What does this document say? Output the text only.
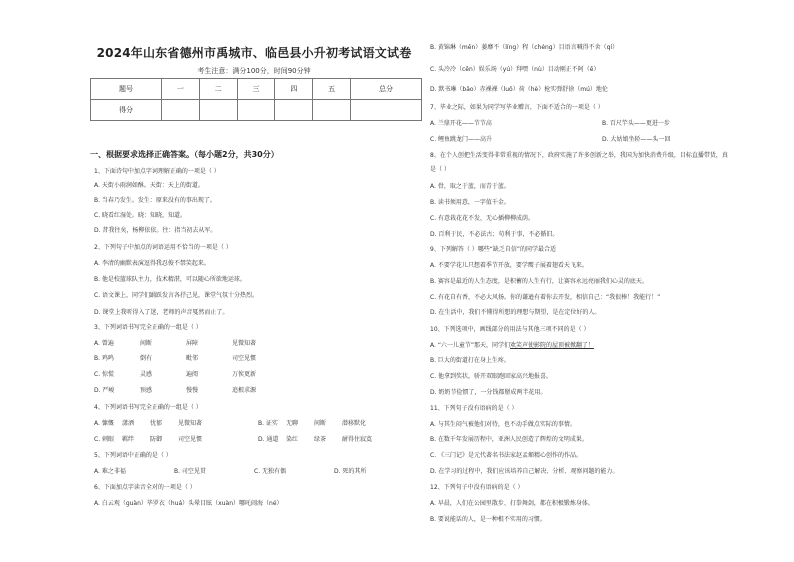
2024年山东省德州市禹城市、临邑县小升初考试语文试卷
考生注意：满分100分，时间90分钟
题号	一	二	三	四	五	总分
得分						
一、根据要求选择正确答案。（每小题2分，共30分）
1、下面诗句中加点字词理解正确的一项是（ ）
A. 天街小雨润如酥。天街：天上的街道。
B. 当春乃发生。发生：原来没有的事出现了。
C. 晓看红湿处。晓：知晓，知道。
D. 昔我往矣，杨柳依依。往：指当初去从军。
2、下列句子中加点的词语运用不恰当的一项是（ ）
A. 李清的幽默表演逗得我忍俊不禁笑起来。
B. 他是校篮球队主力，技术精湛，可以随心所欲地运球。
C. 语文课上，同学们踊跃发言各抒己见，课堂气氛十分热烈。
D. 课堂上我听得入了迷，老师的声音戛然而止了。
3、下列词语书写完全正确的一组是（ ）
A. 曾遍	间断	屏障	见微知著
B. 鸡鸣	倒有	毗邻	司空见惯
C. 惊慌	灵感	遍阅	万俟更新
D. 严峻	预感	慢慢	追根求源
4、下列词语书写完全正确的一组是（ ）
A. 慷慨 潇洒	忧郁	见微知著	B. 证实 无聊	间断	潜移默化
C. 刺眼 羁绊	防御	司空见惯	D. 通道 染红	绿茶	耐得住寂寞
5、下列词语中正确的是（ ）
A. 难之非福	B. 司空见贯	C. 无独有偶	D. 死的其所
6、下面加点字读音全对的一项是（ ）
A. 白云观（guàn）毕罗衣（huá）头晕目眩（xuàn）哪吒闹海（né）
B. 黄锦琳（mēn）萎靡不（líng）程（chéng）目语言喊得不舍（qí）
C. 头冷冷（cēn）娱乐场（yú）拜嘿（nù）目动刚正不阿（ē）
D. 默书琳（bāo）赤裸裸（luǒ）荷（hè）枪实弹舒徐（mú）地伦
7、毕业之际，如果为同学写毕业赠言，下面不适合的一项是（ ）
A. 兰鼎开花——节节高	B. 百尺竿头——更进一步
C. 鲤鱼跳龙门——高升	D. 大姑娘坐轿——头一回
8、在个人创把生活变得非常重视的情况下，政府实施了许多创新之举，我国为加快消费升级，目标直播带货，真
是（ ）
A. 骨，取之于蓝，而青于蓝。
B. 读书须用意，一字值千金。
C. 有意栽花花不发，无心插柳柳成荫。
D. 百利于民，不必法古；苟利于事，不必循旧。
9、下列解答（ ）哪些“缺乏自信”的同学最合适
A. 不要学花儿只想着季节开放，要学鹰子展着翅看天飞来。
B. 赛容是最近的人生态度，是积蓄的人生有行，让赛容永远亮丽我们心灵的底天。
C. 有花自有香，不必大风扬。你的谦逊有着你去开发，相信自己：“我很棒！我能行！”
D. 在生活中，我们不懂得所想的理想与期望，是在定位好的人。
10、下列选项中，画线部分的用法与其他三项不同的是（ ）
A. “六一儿童节”那天，同学们欢笑声使影院的屋顶被掀翻了！
B. 巨大的街道打在身上生疼。
C. 他拿到奖状，骄开双眼跑回家高兴地报喜。
D. 奶奶节俭惯了，一分钱都掰成两半花用。
11、下列句子没有语病的是（ ）
A. 与其生闷气被他们对待，也不动手做点实际的事情。
B. 在数千年发展历程中，亚洲人民创造了辉煌的文明成果。
C. 《三门记》是元代著名书法家赵孟頫精心创作的作品。
D. 在学习的过程中，我们应该培养自己解决、分析、观察问题的能力。
12、下列句子中没有语病的是（ ）
A. 早晨，人们在公园里散步、打拳舞剑，都在积极锻炼身体。
B. 要说能话的人，是一种根不实用的习惯。
